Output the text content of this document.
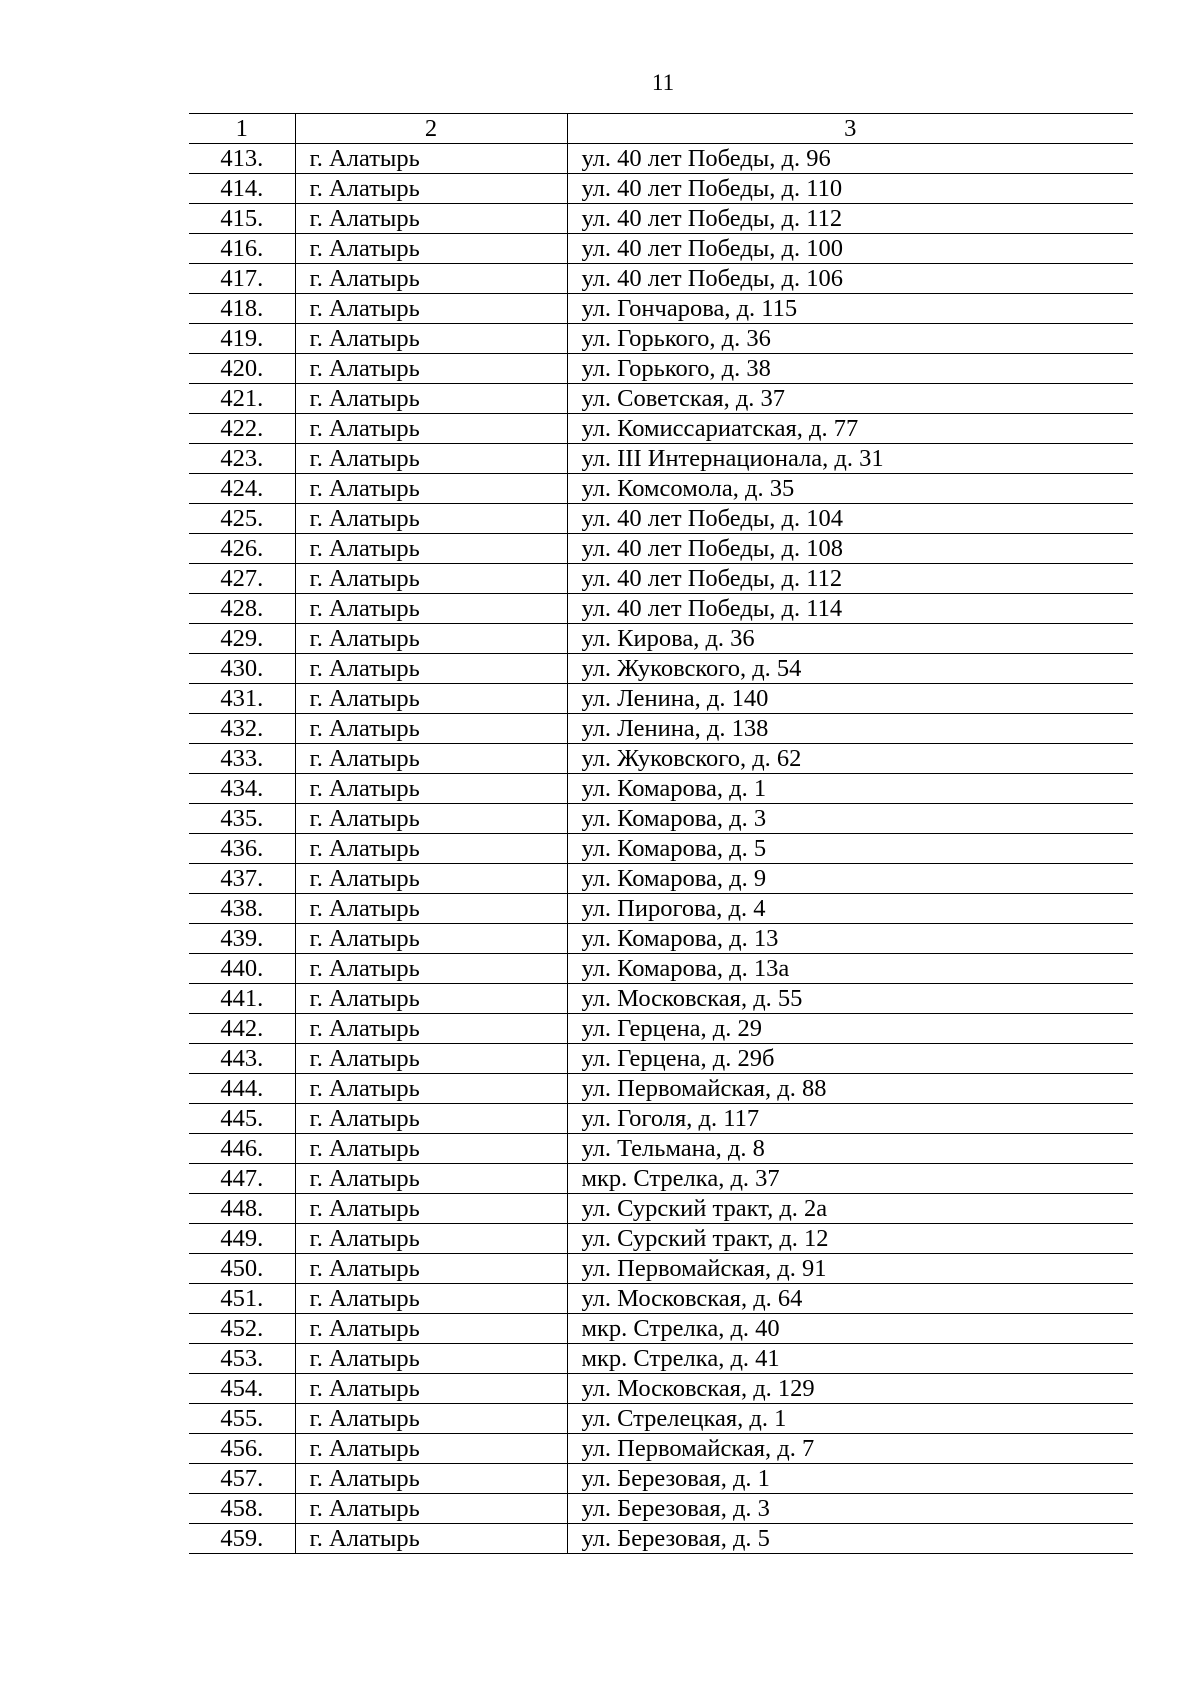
11
1	2	3
413.	г. Алатырь	ул. 40 лет Победы, д. 96
414.	г. Алатырь	ул. 40 лет Победы, д. 110
415.	г. Алатырь	ул. 40 лет Победы, д. 112
416.	г. Алатырь	ул. 40 лет Победы, д. 100
417.	г. Алатырь	ул. 40 лет Победы, д. 106
418.	г. Алатырь	ул. Гончарова, д. 115
419.	г. Алатырь	ул. Горького, д. 36
420.	г. Алатырь	ул. Горького, д. 38
421.	г. Алатырь	ул. Советская, д. 37
422.	г. Алатырь	ул. Комиссариатская, д. 77
423.	г. Алатырь	ул. III Интернационала, д. 31
424.	г. Алатырь	ул. Комсомола, д. 35
425.	г. Алатырь	ул. 40 лет Победы, д. 104
426.	г. Алатырь	ул. 40 лет Победы, д. 108
427.	г. Алатырь	ул. 40 лет Победы, д. 112
428.	г. Алатырь	ул. 40 лет Победы, д. 114
429.	г. Алатырь	ул. Кирова, д. 36
430.	г. Алатырь	ул. Жуковского, д. 54
431.	г. Алатырь	ул. Ленина, д. 140
432.	г. Алатырь	ул. Ленина, д. 138
433.	г. Алатырь	ул. Жуковского, д. 62
434.	г. Алатырь	ул. Комарова, д. 1
435.	г. Алатырь	ул. Комарова, д. 3
436.	г. Алатырь	ул. Комарова, д. 5
437.	г. Алатырь	ул. Комарова, д. 9
438.	г. Алатырь	ул. Пирогова, д. 4
439.	г. Алатырь	ул. Комарова, д. 13
440.	г. Алатырь	ул. Комарова, д. 13а
441.	г. Алатырь	ул. Московская, д. 55
442.	г. Алатырь	ул. Герцена, д. 29
443.	г. Алатырь	ул. Герцена, д. 29б
444.	г. Алатырь	ул. Первомайская, д. 88
445.	г. Алатырь	ул. Гоголя, д. 117
446.	г. Алатырь	ул. Тельмана, д. 8
447.	г. Алатырь	мкр. Стрелка, д. 37
448.	г. Алатырь	ул. Сурский тракт, д. 2а
449.	г. Алатырь	ул. Сурский тракт, д. 12
450.	г. Алатырь	ул. Первомайская, д. 91
451.	г. Алатырь	ул. Московская, д. 64
452.	г. Алатырь	мкр. Стрелка, д. 40
453.	г. Алатырь	мкр. Стрелка, д. 41
454.	г. Алатырь	ул. Московская, д. 129
455.	г. Алатырь	ул. Стрелецкая, д. 1
456.	г. Алатырь	ул. Первомайская, д. 7
457.	г. Алатырь	ул. Березовая, д. 1
458.	г. Алатырь	ул. Березовая, д. 3
459.	г. Алатырь	ул. Березовая, д. 5
